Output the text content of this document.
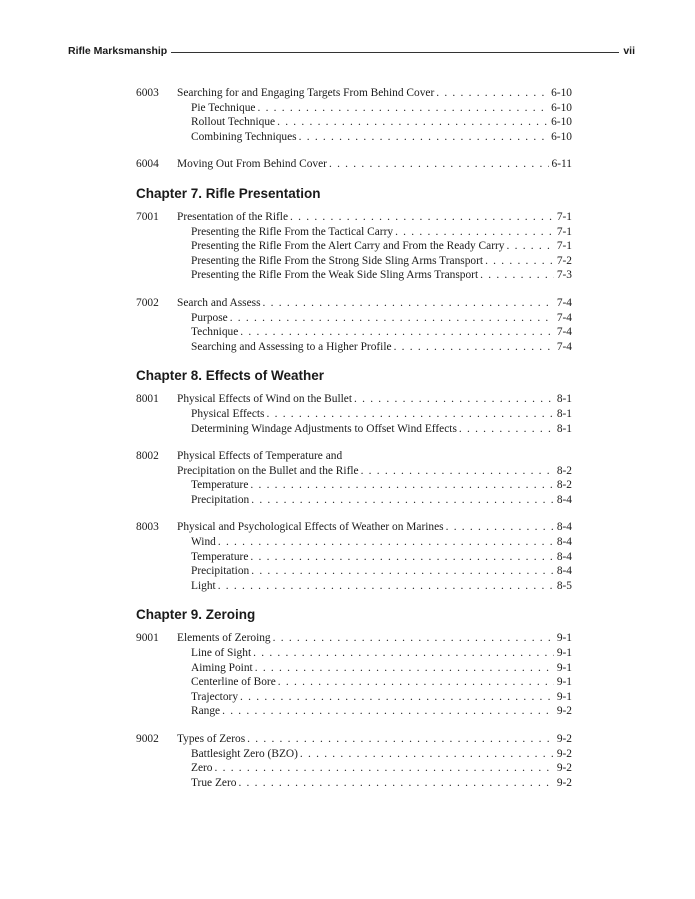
Rifle Marksmanship	vii
6003 Searching for and Engaging Targets From Behind Cover . . .	6-10
Pie Technique . . .	6-10
Rollout Technique . . .	6-10
Combining Techniques . . .	6-10
6004 Moving Out From Behind Cover . . .	6-11
Chapter 7. Rifle Presentation
7001 Presentation of the Rifle . . .	7-1
Presenting the Rifle From the Tactical Carry . . .	7-1
Presenting the Rifle From the Alert Carry and From the Ready Carry . . .	7-1
Presenting the Rifle From the Strong Side Sling Arms Transport . . .	7-2
Presenting the Rifle From the Weak Side Sling Arms Transport . . .	7-3
7002 Search and Assess . . .	7-4
Purpose . . .	7-4
Technique . . .	7-4
Searching and Assessing to a Higher Profile . . .	7-4
Chapter 8. Effects of Weather
8001 Physical Effects of Wind on the Bullet . . .	8-1
Physical Effects . . .	8-1
Determining Windage Adjustments to Offset Wind Effects . . .	8-1
8002 Physical Effects of Temperature and
Precipitation on the Bullet and the Rifle . . .	8-2
Temperature . . .	8-2
Precipitation . . .	8-4
8003 Physical and Psychological Effects of Weather on Marines . . .	8-4
Wind . . .	8-4
Temperature . . .	8-4
Precipitation . . .	8-4
Light . . .	8-5
Chapter 9. Zeroing
9001 Elements of Zeroing . . .	9-1
Line of Sight . . .	9-1
Aiming Point . . .	9-1
Centerline of Bore . . .	9-1
Trajectory . . .	9-1
Range . . .	9-2
9002 Types of Zeros . . .	9-2
Battlesight Zero (BZO) . . .	9-2
Zero . . .	9-2
True Zero . . .	9-2
